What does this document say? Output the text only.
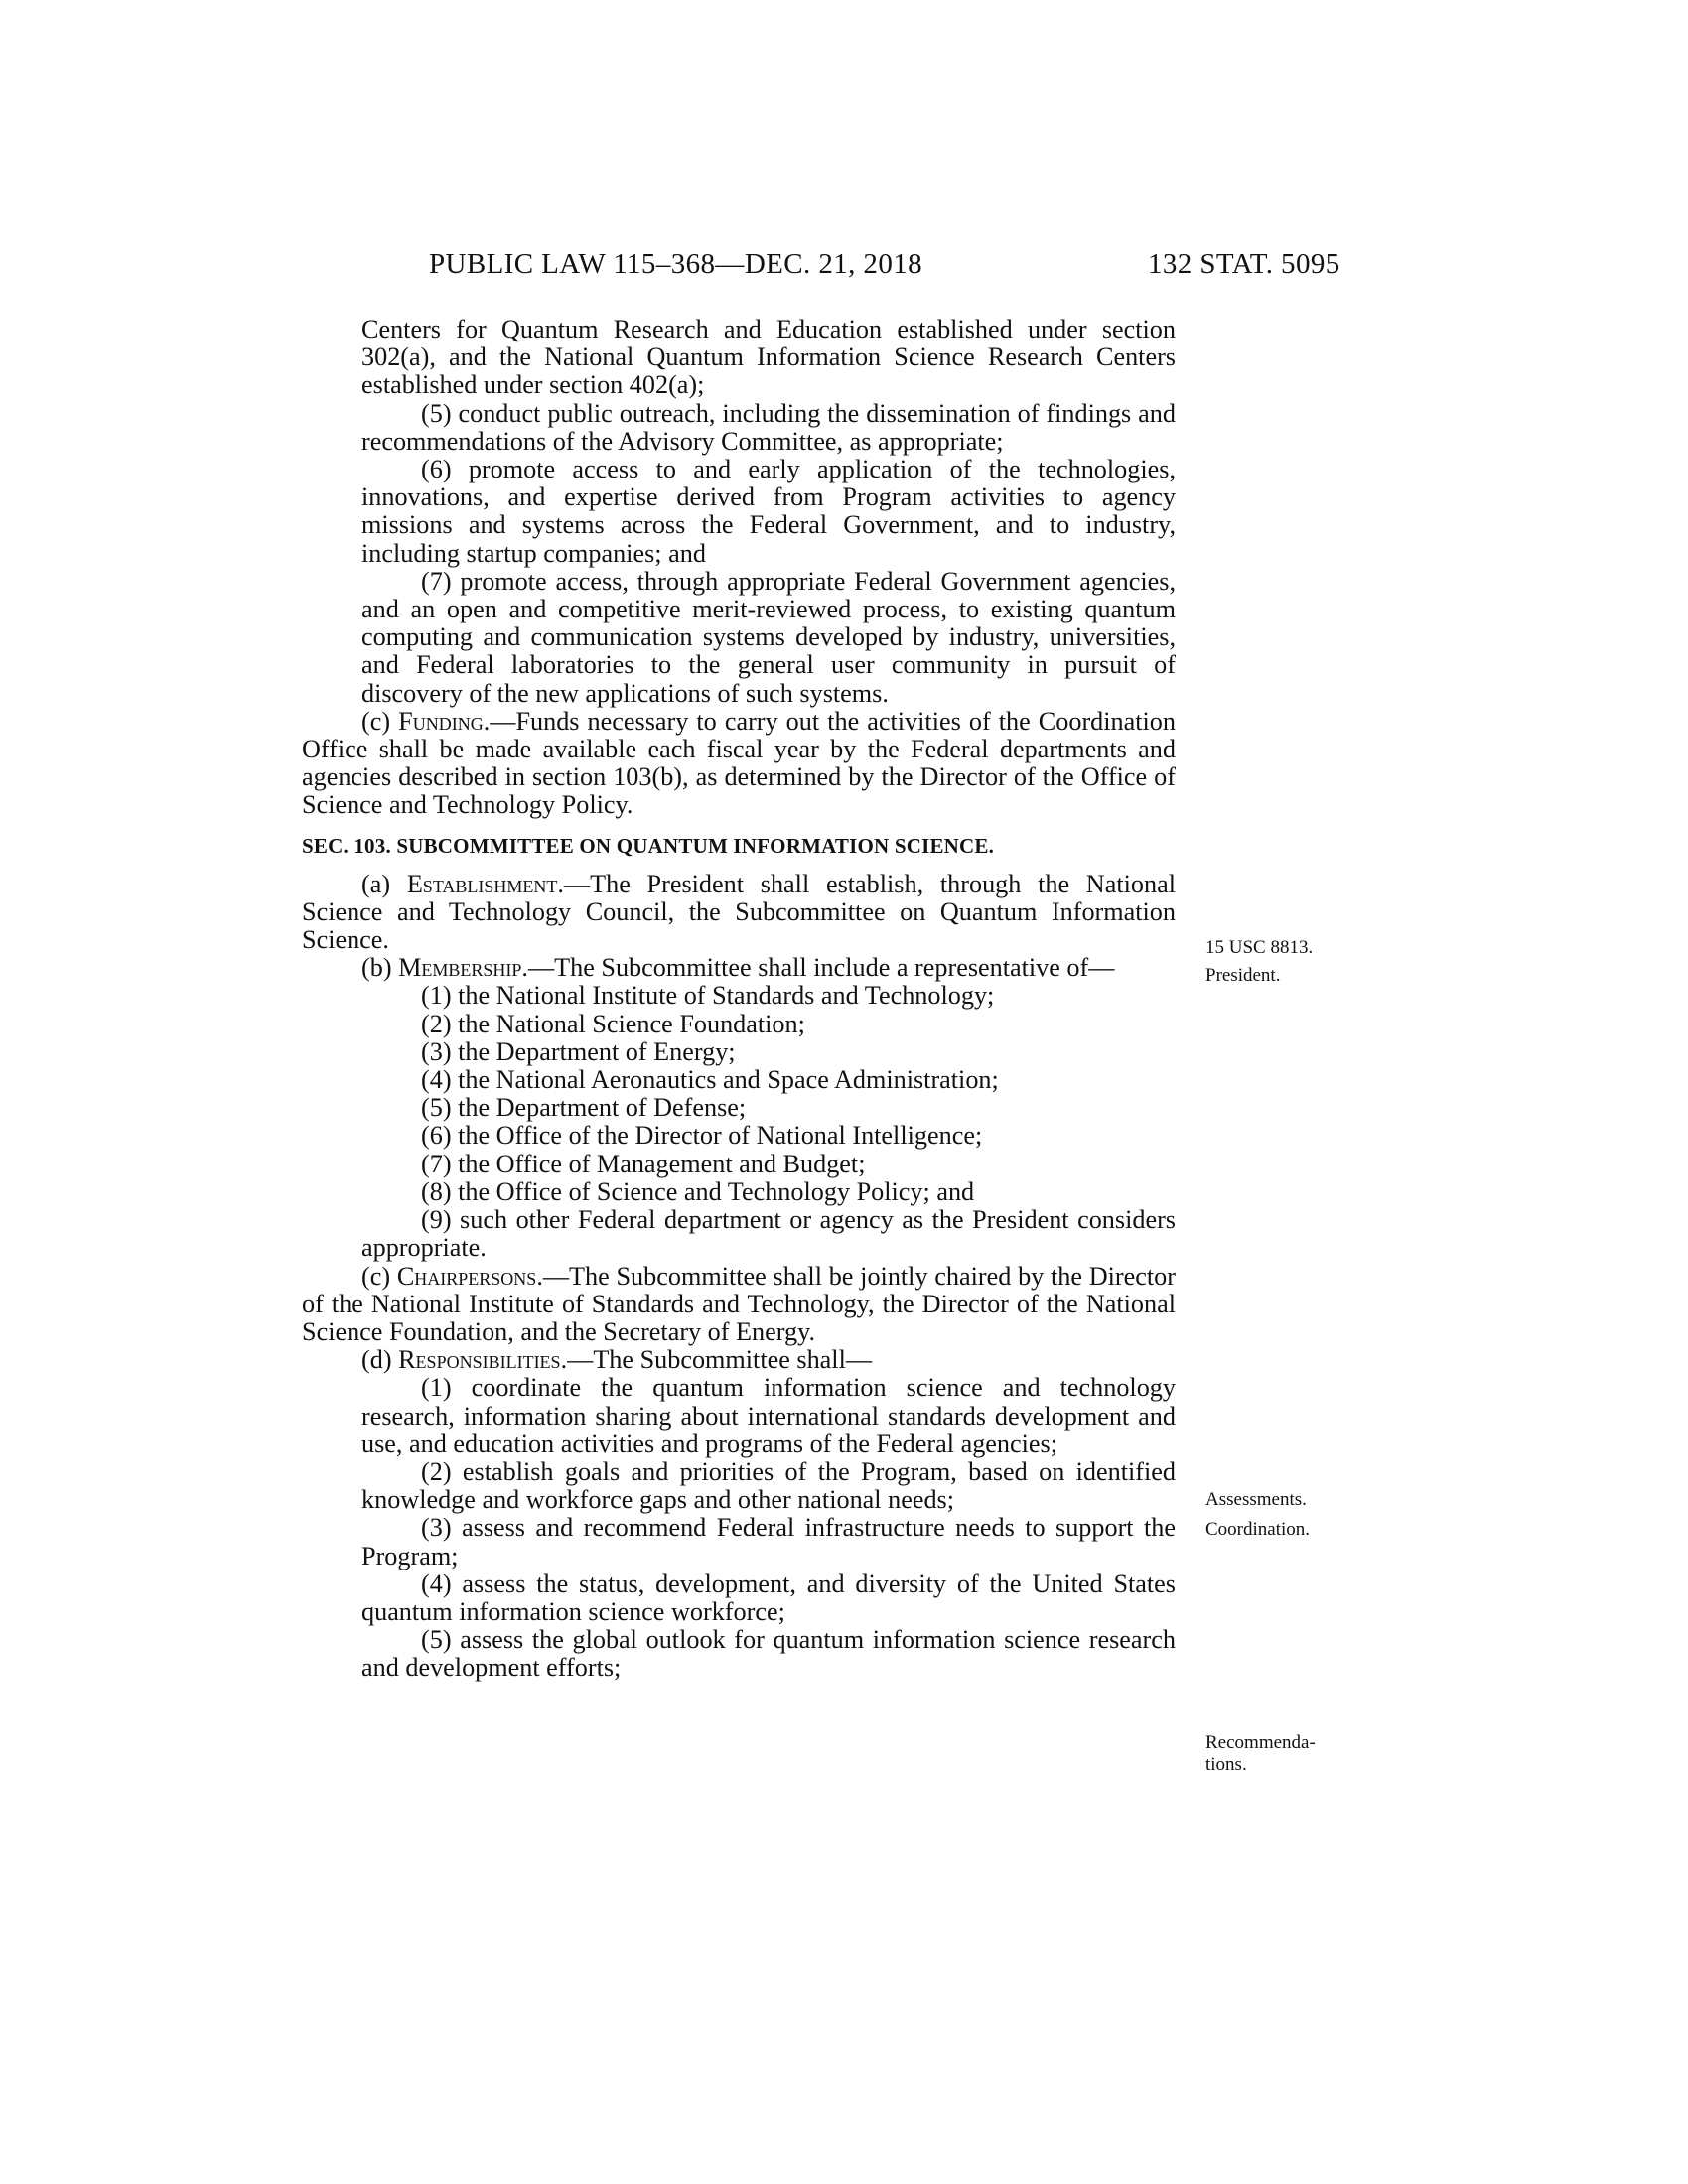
PUBLIC LAW 115–368—DEC. 21, 2018	132 STAT. 5095

Centers for Quantum Research and Education established under section 302(a), and the National Quantum Information Science Research Centers established under section 402(a);

(5) conduct public outreach, including the dissemination of findings and recommendations of the Advisory Committee, as appropriate;

(6) promote access to and early application of the technologies, innovations, and expertise derived from Program activities to agency missions and systems across the Federal Government, and to industry, including startup companies; and

(7) promote access, through appropriate Federal Government agencies, and an open and competitive merit-reviewed process, to existing quantum computing and communication systems developed by industry, universities, and Federal laboratories to the general user community in pursuit of discovery of the new applications of such systems.

(c) Funding.—Funds necessary to carry out the activities of the Coordination Office shall be made available each fiscal year by the Federal departments and agencies described in section 103(b), as determined by the Director of the Office of Science and Technology Policy.

SEC. 103. SUBCOMMITTEE ON QUANTUM INFORMATION SCIENCE.

(a) Establishment.—The President shall establish, through the National Science and Technology Council, the Subcommittee on Quantum Information Science.

(b) Membership.—The Subcommittee shall include a representative of—

(1) the National Institute of Standards and Technology;

(2) the National Science Foundation;

(3) the Department of Energy;

(4) the National Aeronautics and Space Administration;

(5) the Department of Defense;

(6) the Office of the Director of National Intelligence;

(7) the Office of Management and Budget;

(8) the Office of Science and Technology Policy; and

(9) such other Federal department or agency as the President considers appropriate.

(c) Chairpersons.—The Subcommittee shall be jointly chaired by the Director of the National Institute of Standards and Technology, the Director of the National Science Foundation, and the Secretary of Energy.

(d) Responsibilities.—The Subcommittee shall—

(1) coordinate the quantum information science and technology research, information sharing about international standards development and use, and education activities and programs of the Federal agencies;

(2) establish goals and priorities of the Program, based on identified knowledge and workforce gaps and other national needs;

(3) assess and recommend Federal infrastructure needs to support the Program;

(4) assess the status, development, and diversity of the United States quantum information science workforce;

(5) assess the global outlook for quantum information science research and development efforts;

15 USC 8813.
President.
Assessments.
Coordination.
Recommendations.
